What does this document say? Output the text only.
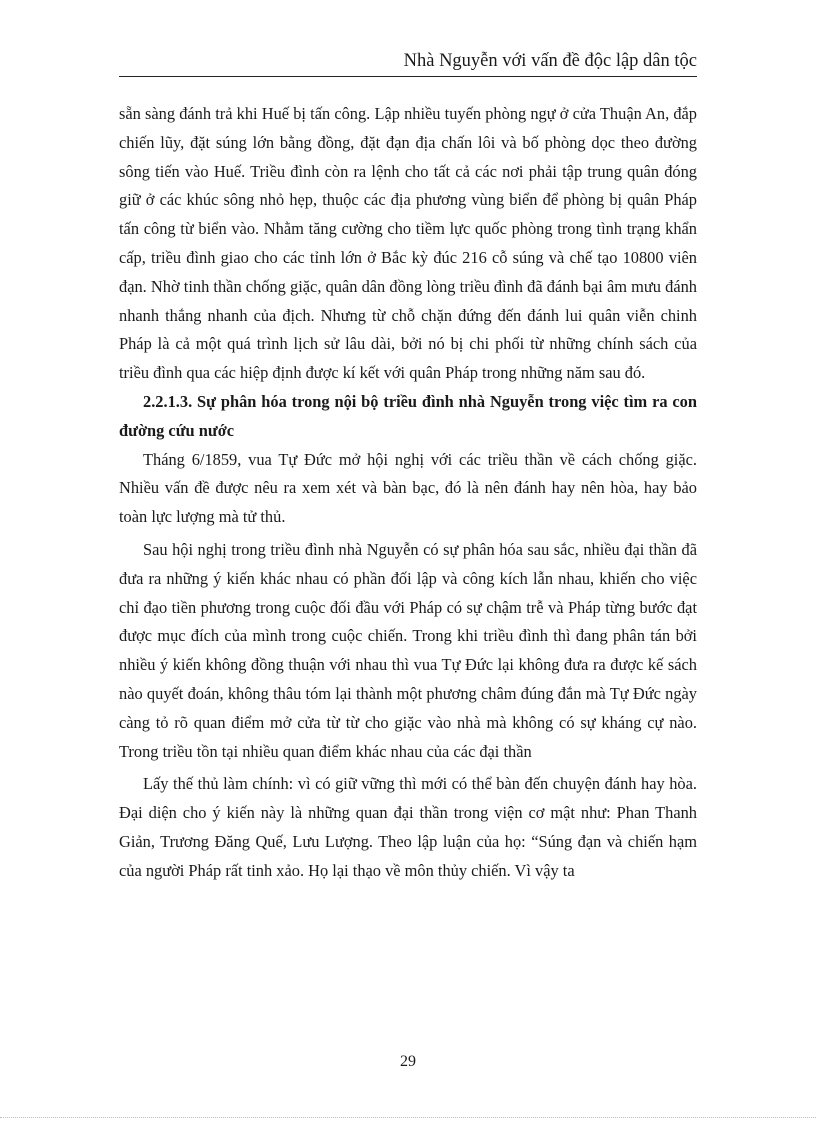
Nhà Nguyễn với vấn đề độc lập dân tộc

sẵn sàng đánh trả khi Huế bị tấn công. Lập nhiều tuyến phòng ngự ở cửa Thuận An, đắp chiến lũy, đặt súng lớn bằng đồng, đặt đạn địa chấn lôi và bố phòng dọc theo đường sông tiến vào Huế. Triều đình còn ra lệnh cho tất cả các nơi phải tập trung quân đóng giữ ở các khúc sông nhỏ hẹp, thuộc các địa phương vùng biển để phòng bị quân Pháp tấn công từ biển vào. Nhằm tăng cường cho tiềm lực quốc phòng trong tình trạng khẩn cấp, triều đình giao cho các tỉnh lớn ở Bắc kỳ đúc 216 cỗ súng và chế tạo 10800 viên đạn. Nhờ tinh thần chống giặc, quân dân đồng lòng triều đình đã đánh bại âm mưu đánh nhanh thắng nhanh của địch. Nhưng từ chỗ chặn đứng đến đánh lui quân viễn chinh Pháp là cả một quá trình lịch sử lâu dài, bởi nó bị chi phối từ những chính sách của triều đình qua các hiệp định được kí kết với quân Pháp trong những năm sau đó.

2.2.1.3. Sự phân hóa trong nội bộ triều đình nhà Nguyễn trong việc tìm ra con đường cứu nước

Tháng 6/1859, vua Tự Đức mở hội nghị với các triều thần về cách chống giặc. Nhiều vấn đề được nêu ra xem xét và bàn bạc, đó là nên đánh hay nên hòa, hay bảo toàn lực lượng mà tử thủ.

Sau hội nghị trong triều đình nhà Nguyễn có sự phân hóa sau sắc, nhiều đại thần đã đưa ra những ý kiến khác nhau có phần đối lập và công kích lẫn nhau, khiến cho việc chỉ đạo tiền phương trong cuộc đối đầu với Pháp có sự chậm trễ và Pháp từng bước đạt được mục đích của mình trong cuộc chiến. Trong khi triều đình thì đang phân tán bởi nhiều ý kiến không đồng thuận với nhau thì vua Tự Đức lại không đưa ra được kế sách nào quyết đoán, không thâu tóm lại thành một phương châm đúng đắn mà Tự Đức ngày càng tỏ rõ quan điểm mở cửa từ từ cho giặc vào nhà mà không có sự kháng cự nào. Trong triều tồn tại nhiều quan điểm khác nhau của các đại thần

Lấy thế thủ làm chính: vì có giữ vững thì mới có thể bàn đến chuyện đánh hay hòa. Đại diện cho ý kiến này là những quan đại thần trong viện cơ mật như: Phan Thanh Giản, Trương Đăng Quế, Lưu Lượng. Theo lập luận của họ: “Súng đạn và chiến hạm của người Pháp rất tinh xảo. Họ lại thạo về môn thủy chiến. Vì vậy ta

29
